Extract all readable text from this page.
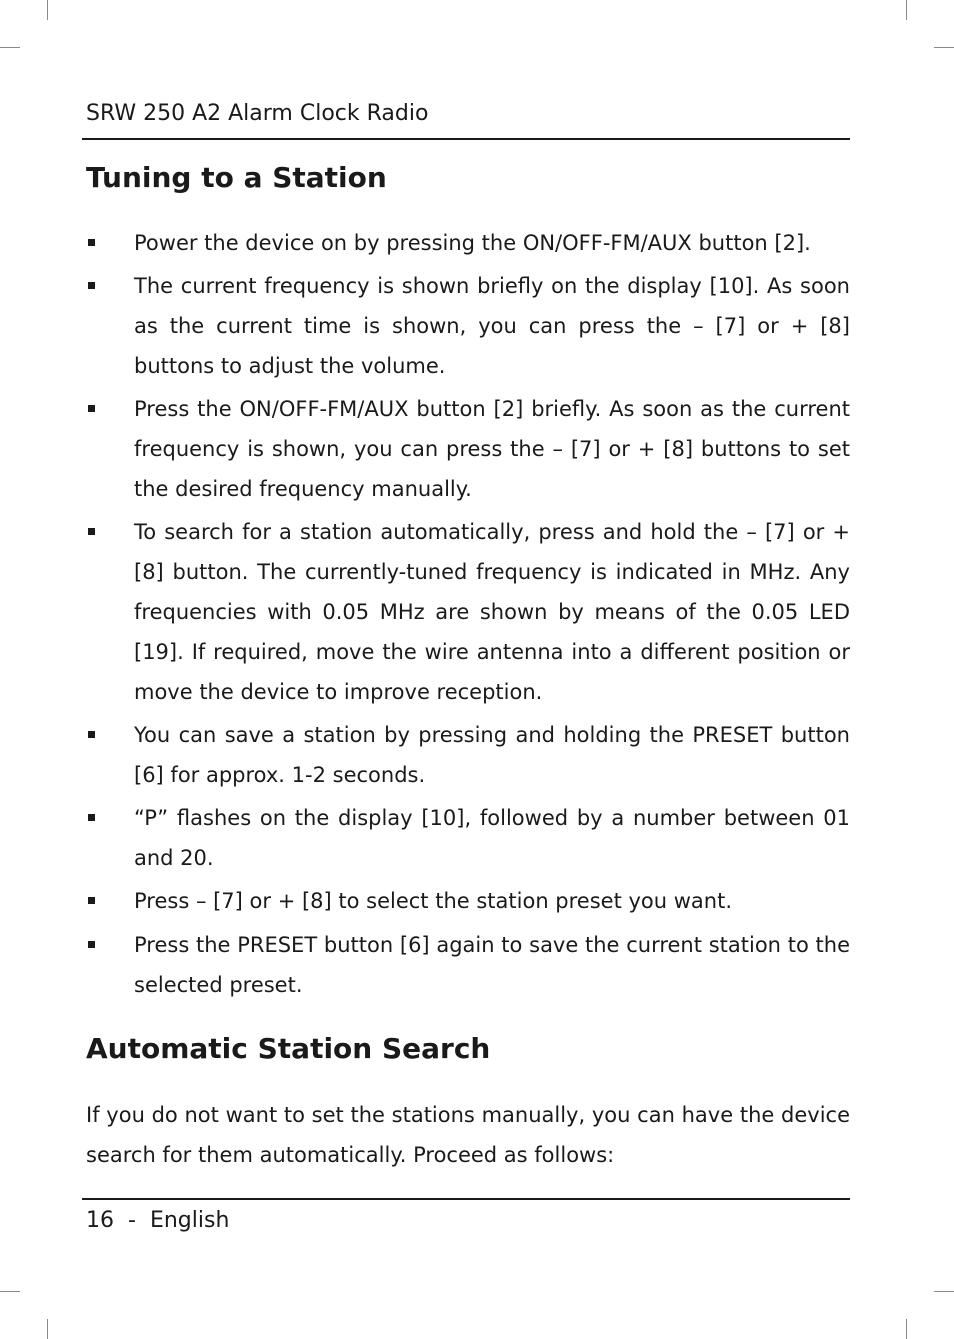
SRW 250 A2 Alarm Clock Radio
Tuning to a Station
Power the device on by pressing the ON/OFF-FM/AUX button [2].
The current frequency is shown briefly on the display [10]. As soon as the current time is shown, you can press the – [7] or + [8] buttons to adjust the volume.
Press the ON/OFF-FM/AUX button [2] briefly. As soon as the current frequency is shown, you can press the – [7] or + [8] buttons to set the desired frequency manually.
To search for a station automatically, press and hold the – [7] or + [8] button. The currently-tuned frequency is indicated in MHz. Any frequencies with 0.05 MHz are shown by means of the 0.05 LED [19]. If required, move the wire antenna into a different position or move the device to improve reception.
You can save a station by pressing and holding the PRESET button [6] for approx. 1-2 seconds.
“P” flashes on the display [10], followed by a number between 01 and 20.
Press – [7] or + [8] to select the station preset you want.
Press the PRESET button [6] again to save the current station to the selected preset.
Automatic Station Search

If you do not want to set the stations manually, you can have the device search for them automatically. Proceed as follows:

16 - English
